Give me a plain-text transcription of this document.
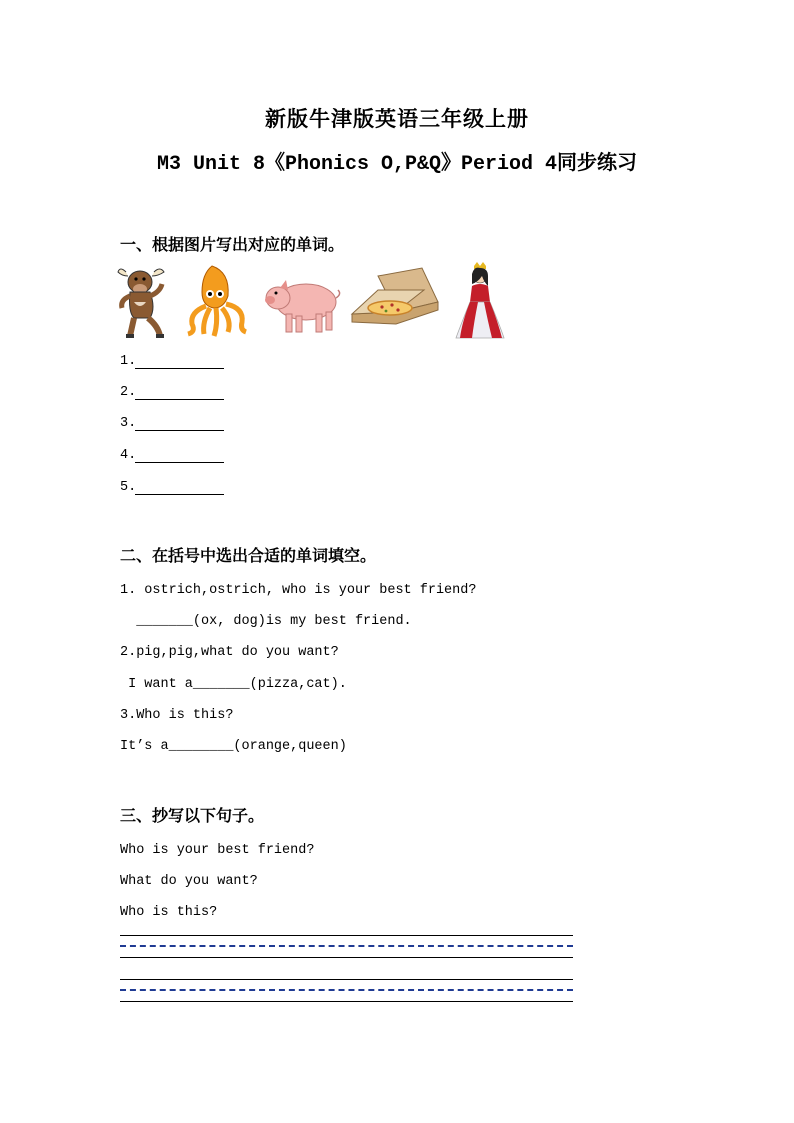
新版牛津版英语三年级上册
M3 Unit 8《Phonics O,P&Q》Period 4同步练习
一、根据图片写出对应的单词。
1.
2.
3.
4.
5.
二、在括号中选出合适的单词填空。
1. ostrich,ostrich, who is your best friend?
_______(ox, dog)is my best friend.
2.pig,pig,what do you want?
I want a_______(pizza,cat).
3.Who is this?
It’s a________(orange,queen)
三、抄写以下句子。
Who is your best friend?
What do you want?
Who is this?
